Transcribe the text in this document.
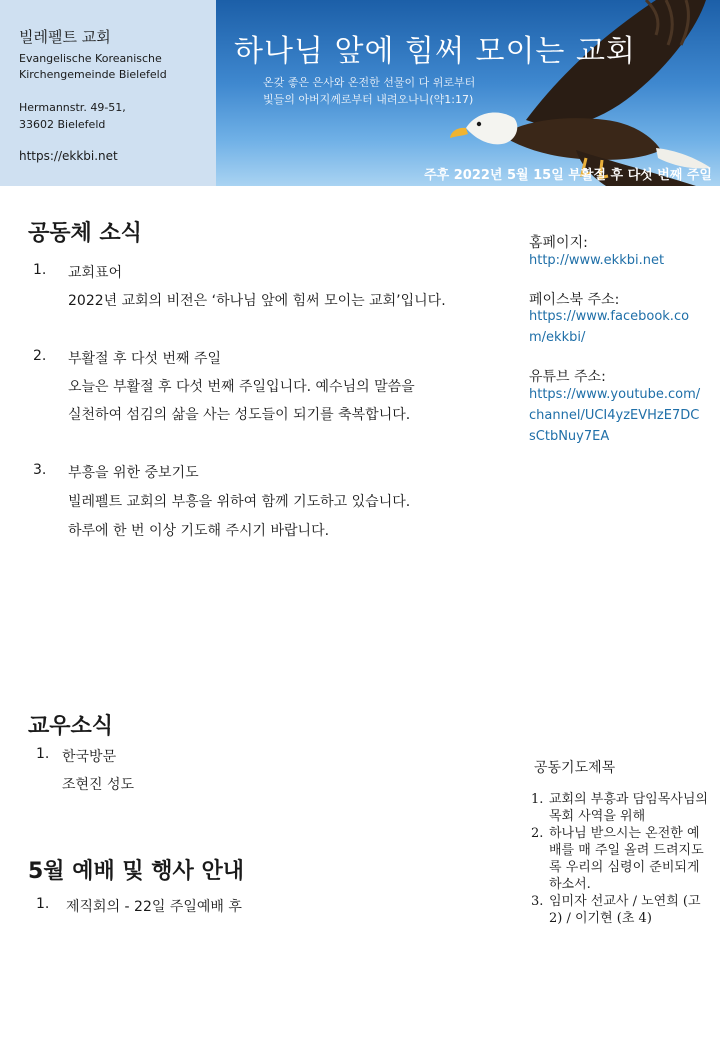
빌레펠트 교회
Evangelische Koreanische
Kirchengemeinde Bielefeld
Hermannstr. 49-51,
33602 Bielefeld
https://ekkbi.net
하나님 앞에 힘써 모이는 교회
온갖 좋은 은사와 온전한 선물이 다 위로부터
빛들의 아버지께로부터 내려오나니(약1:17)
주후 2022년 5월 15일 부활절 후 다섯 번째 주일
공동체 소식
1. 교회표어
2022년 교회의 비전은 ‘하나님 앞에 힘써 모이는 교회’입니다.
2. 부활절 후 다섯 번째 주일
오늘은 부활절 후 다섯 번째 주일입니다. 예수님의 말씀을
실천하여 섬김의 삶을 사는 성도들이 되기를 축복합니다.
3. 부흥을 위한 중보기도
빌레펠트 교회의 부흥을 위하여 함께 기도하고 있습니다.
하루에 한 번 이상 기도해 주시기 바랍니다.
홈페이지:
http://www.ekkbi.net
페이스북 주소:
https://www.facebook.com/ekkbi/
유튜브 주소:
https://www.youtube.com/channel/UCI4yzEVHzE7DCsCtbNuy7EA
교우소식
1. 한국방문
조현진 성도
5월 예배 및 행사 안내
1. 제직회의 - 22일 주일예배 후
공동기도제목
1. 교회의 부흥과 담임목사님의 목회 사역을 위해
2. 하나님 받으시는 온전한 예배를 매 주일 올려 드려지도록 우리의 심령이 준비되게 하소서.
3. 임미자 선교사 / 노연희 (고2) / 이기현 (초 4)
